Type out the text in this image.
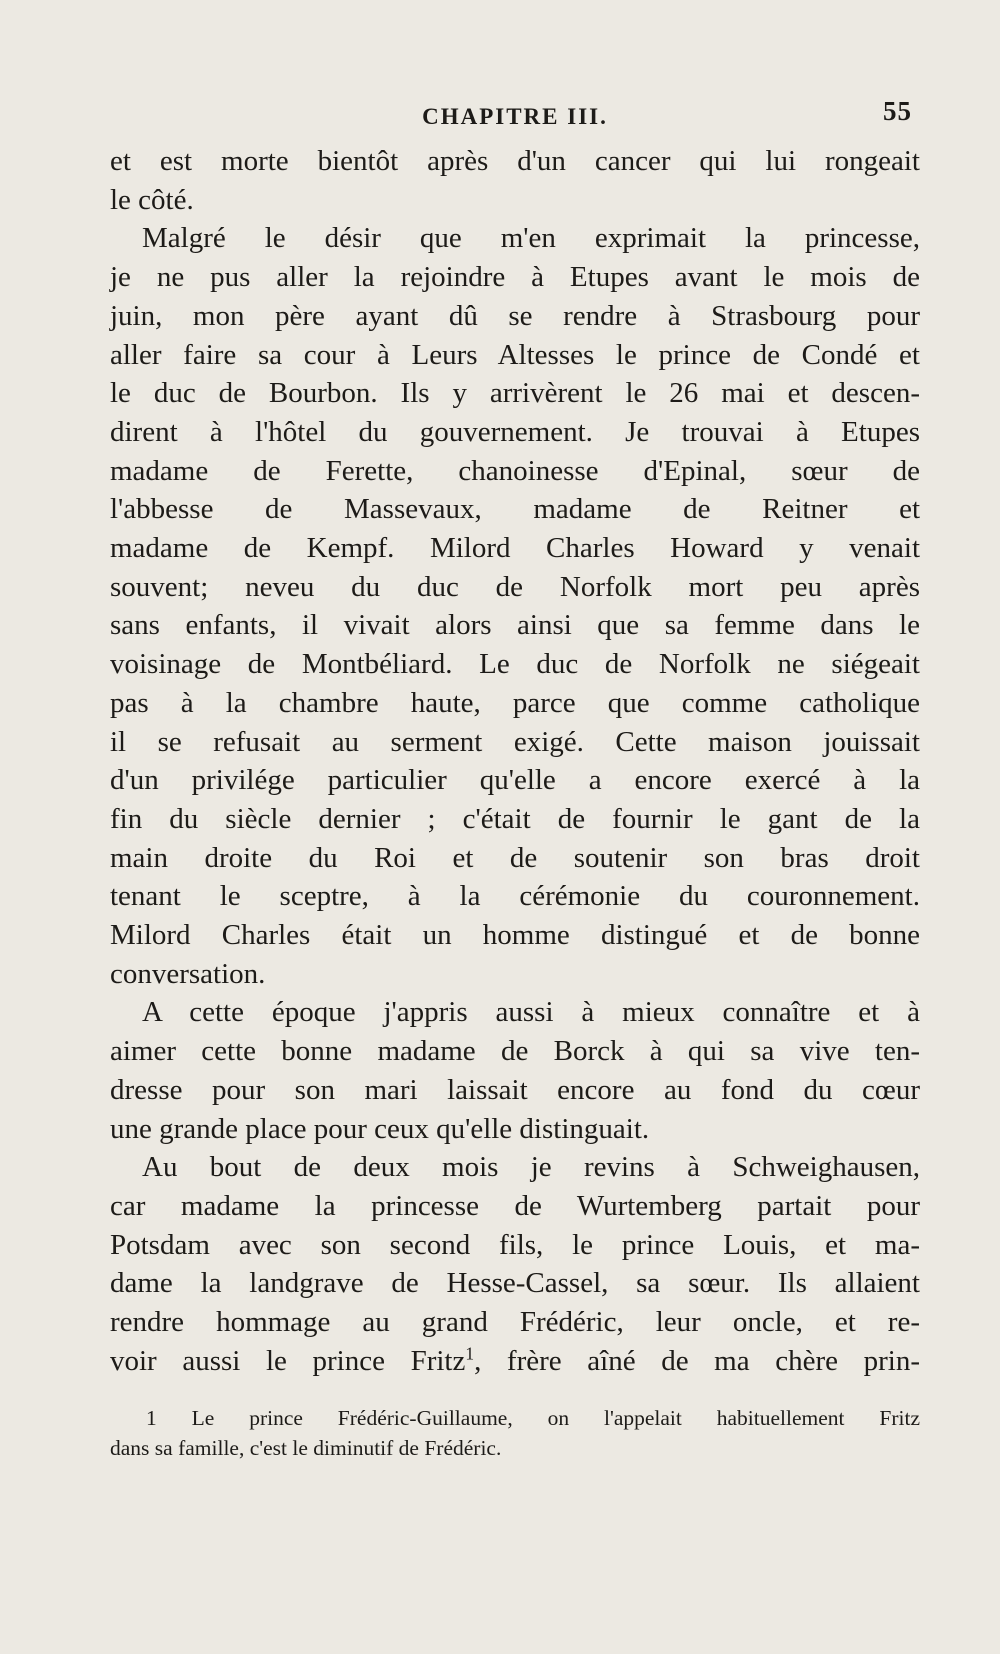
CHAPITRE III.	55
et est morte bientôt après d'un cancer qui lui rongeait
le côté.
Malgré le désir que m'en exprimait la princesse,
je ne pus aller la rejoindre à Etupes avant le mois de
juin, mon père ayant dû se rendre à Strasbourg pour
aller faire sa cour à Leurs Altesses le prince de Condé et
le duc de Bourbon. Ils y arrivèrent le 26 mai et descen-
dirent à l'hôtel du gouvernement. Je trouvai à Etupes
madame de Ferette, chanoinesse d'Epinal, sœur de
l'abbesse de Massevaux, madame de Reitner et
madame de Kempf. Milord Charles Howard y venait
souvent; neveu du duc de Norfolk mort peu après
sans enfants, il vivait alors ainsi que sa femme dans le
voisinage de Montbéliard. Le duc de Norfolk ne siégeait
pas à la chambre haute, parce que comme catholique
il se refusait au serment exigé. Cette maison jouissait
d'un privilége particulier qu'elle a encore exercé à la
fin du siècle dernier ; c'était de fournir le gant de la
main droite du Roi et de soutenir son bras droit
tenant le sceptre, à la cérémonie du couronnement.
Milord Charles était un homme distingué et de bonne
conversation.
A cette époque j'appris aussi à mieux connaître et à
aimer cette bonne madame de Borck à qui sa vive ten-
dresse pour son mari laissait encore au fond du cœur
une grande place pour ceux qu'elle distinguait.
Au bout de deux mois je revins à Schweighausen,
car madame la princesse de Wurtemberg partait pour
Potsdam avec son second fils, le prince Louis, et ma-
dame la landgrave de Hesse-Cassel, sa sœur. Ils allaient
rendre hommage au grand Frédéric, leur oncle, et re-
voir aussi le prince Fritz$^1$, frère aîné de ma chère prin-
1 Le prince Frédéric-Guillaume, on l'appelait habituellement Fritz
dans sa famille, c'est le diminutif de Frédéric.
